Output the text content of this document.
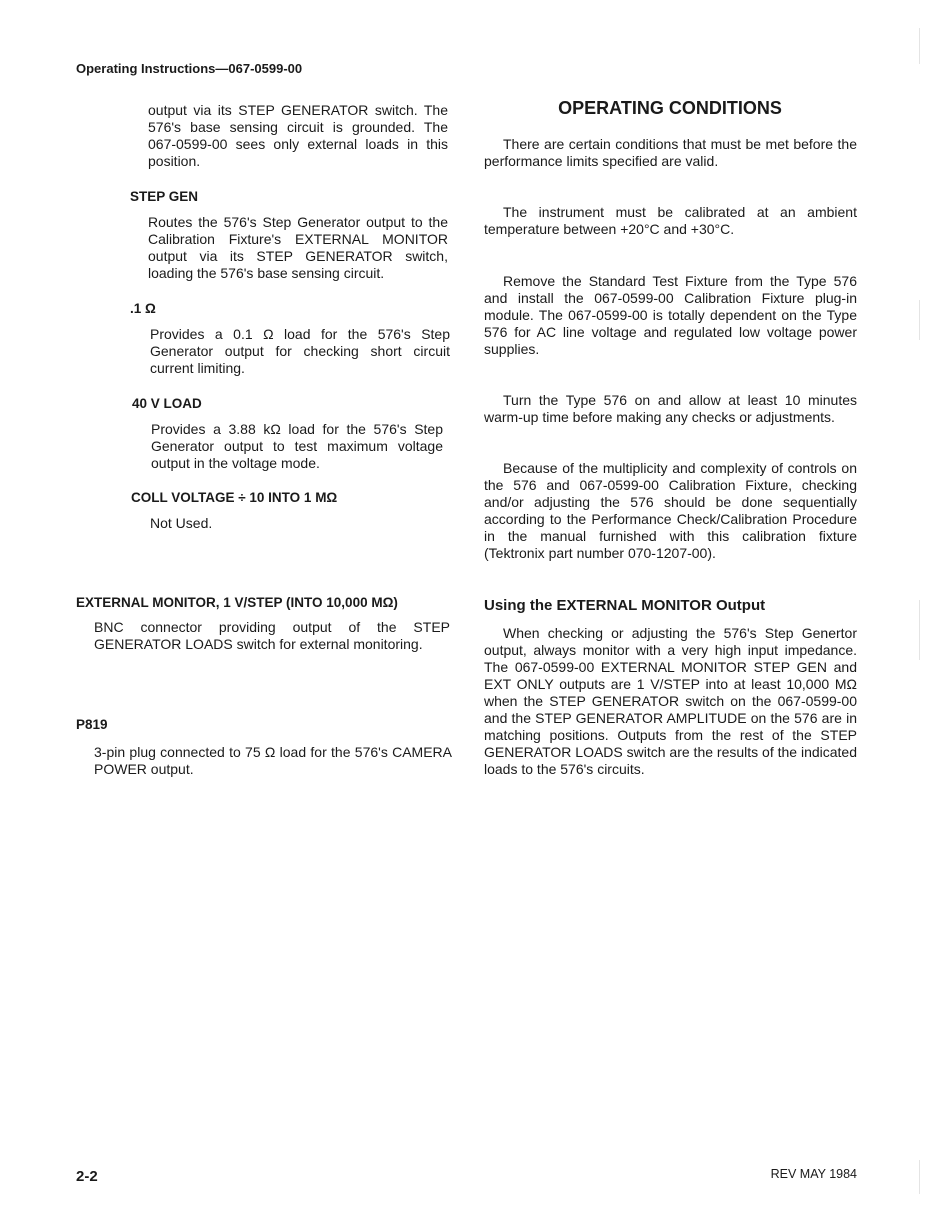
Operating Instructions—067-0599-00
output via its STEP GENERATOR switch. The 576's base sensing circuit is grounded. The 067-0599-00 sees only external loads in this position.
STEP GEN
Routes the 576's Step Generator output to the Calibration Fixture's EXTERNAL MONITOR output via its STEP GENERATOR switch, loading the 576's base sensing circuit.
.1 Ω
Provides a 0.1 Ω load for the 576's Step Generator output for checking short circuit current limiting.
40 V LOAD
Provides a 3.88 kΩ load for the 576's Step Generator output to test maximum voltage output in the voltage mode.
COLL VOLTAGE ÷ 10 INTO 1 MΩ
Not Used.
EXTERNAL MONITOR, 1 V/STEP (INTO 10,000 MΩ)
BNC connector providing output of the STEP GENERATOR LOADS switch for external monitoring.
P819
3-pin plug connected to 75 Ω load for the 576's CAMERA POWER output.
OPERATING CONDITIONS
There are certain conditions that must be met before the performance limits specified are valid.
The instrument must be calibrated at an ambient temperature between +20°C and +30°C.
Remove the Standard Test Fixture from the Type 576 and install the 067-0599-00 Calibration Fixture plug-in module. The 067-0599-00 is totally dependent on the Type 576 for AC line voltage and regulated low voltage power supplies.
Turn the Type 576 on and allow at least 10 minutes warm-up time before making any checks or adjustments.
Because of the multiplicity and complexity of controls on the 576 and 067-0599-00 Calibration Fixture, checking and/or adjusting the 576 should be done sequentially according to the Performance Check/Calibration Procedure in the manual furnished with this calibration fixture (Tektronix part number 070-1207-00).
Using the EXTERNAL MONITOR Output
When checking or adjusting the 576's Step Genertor output, always monitor with a very high input impedance. The 067-0599-00 EXTERNAL MONITOR STEP GEN and EXT ONLY outputs are 1 V/STEP into at least 10,000 MΩ when the STEP GENERATOR switch on the 067-0599-00 and the STEP GENERATOR AMPLITUDE on the 576 are in matching positions. Outputs from the rest of the STEP GENERATOR LOADS switch are the results of the indicated loads to the 576's circuits.
2-2	REV MAY 1984
